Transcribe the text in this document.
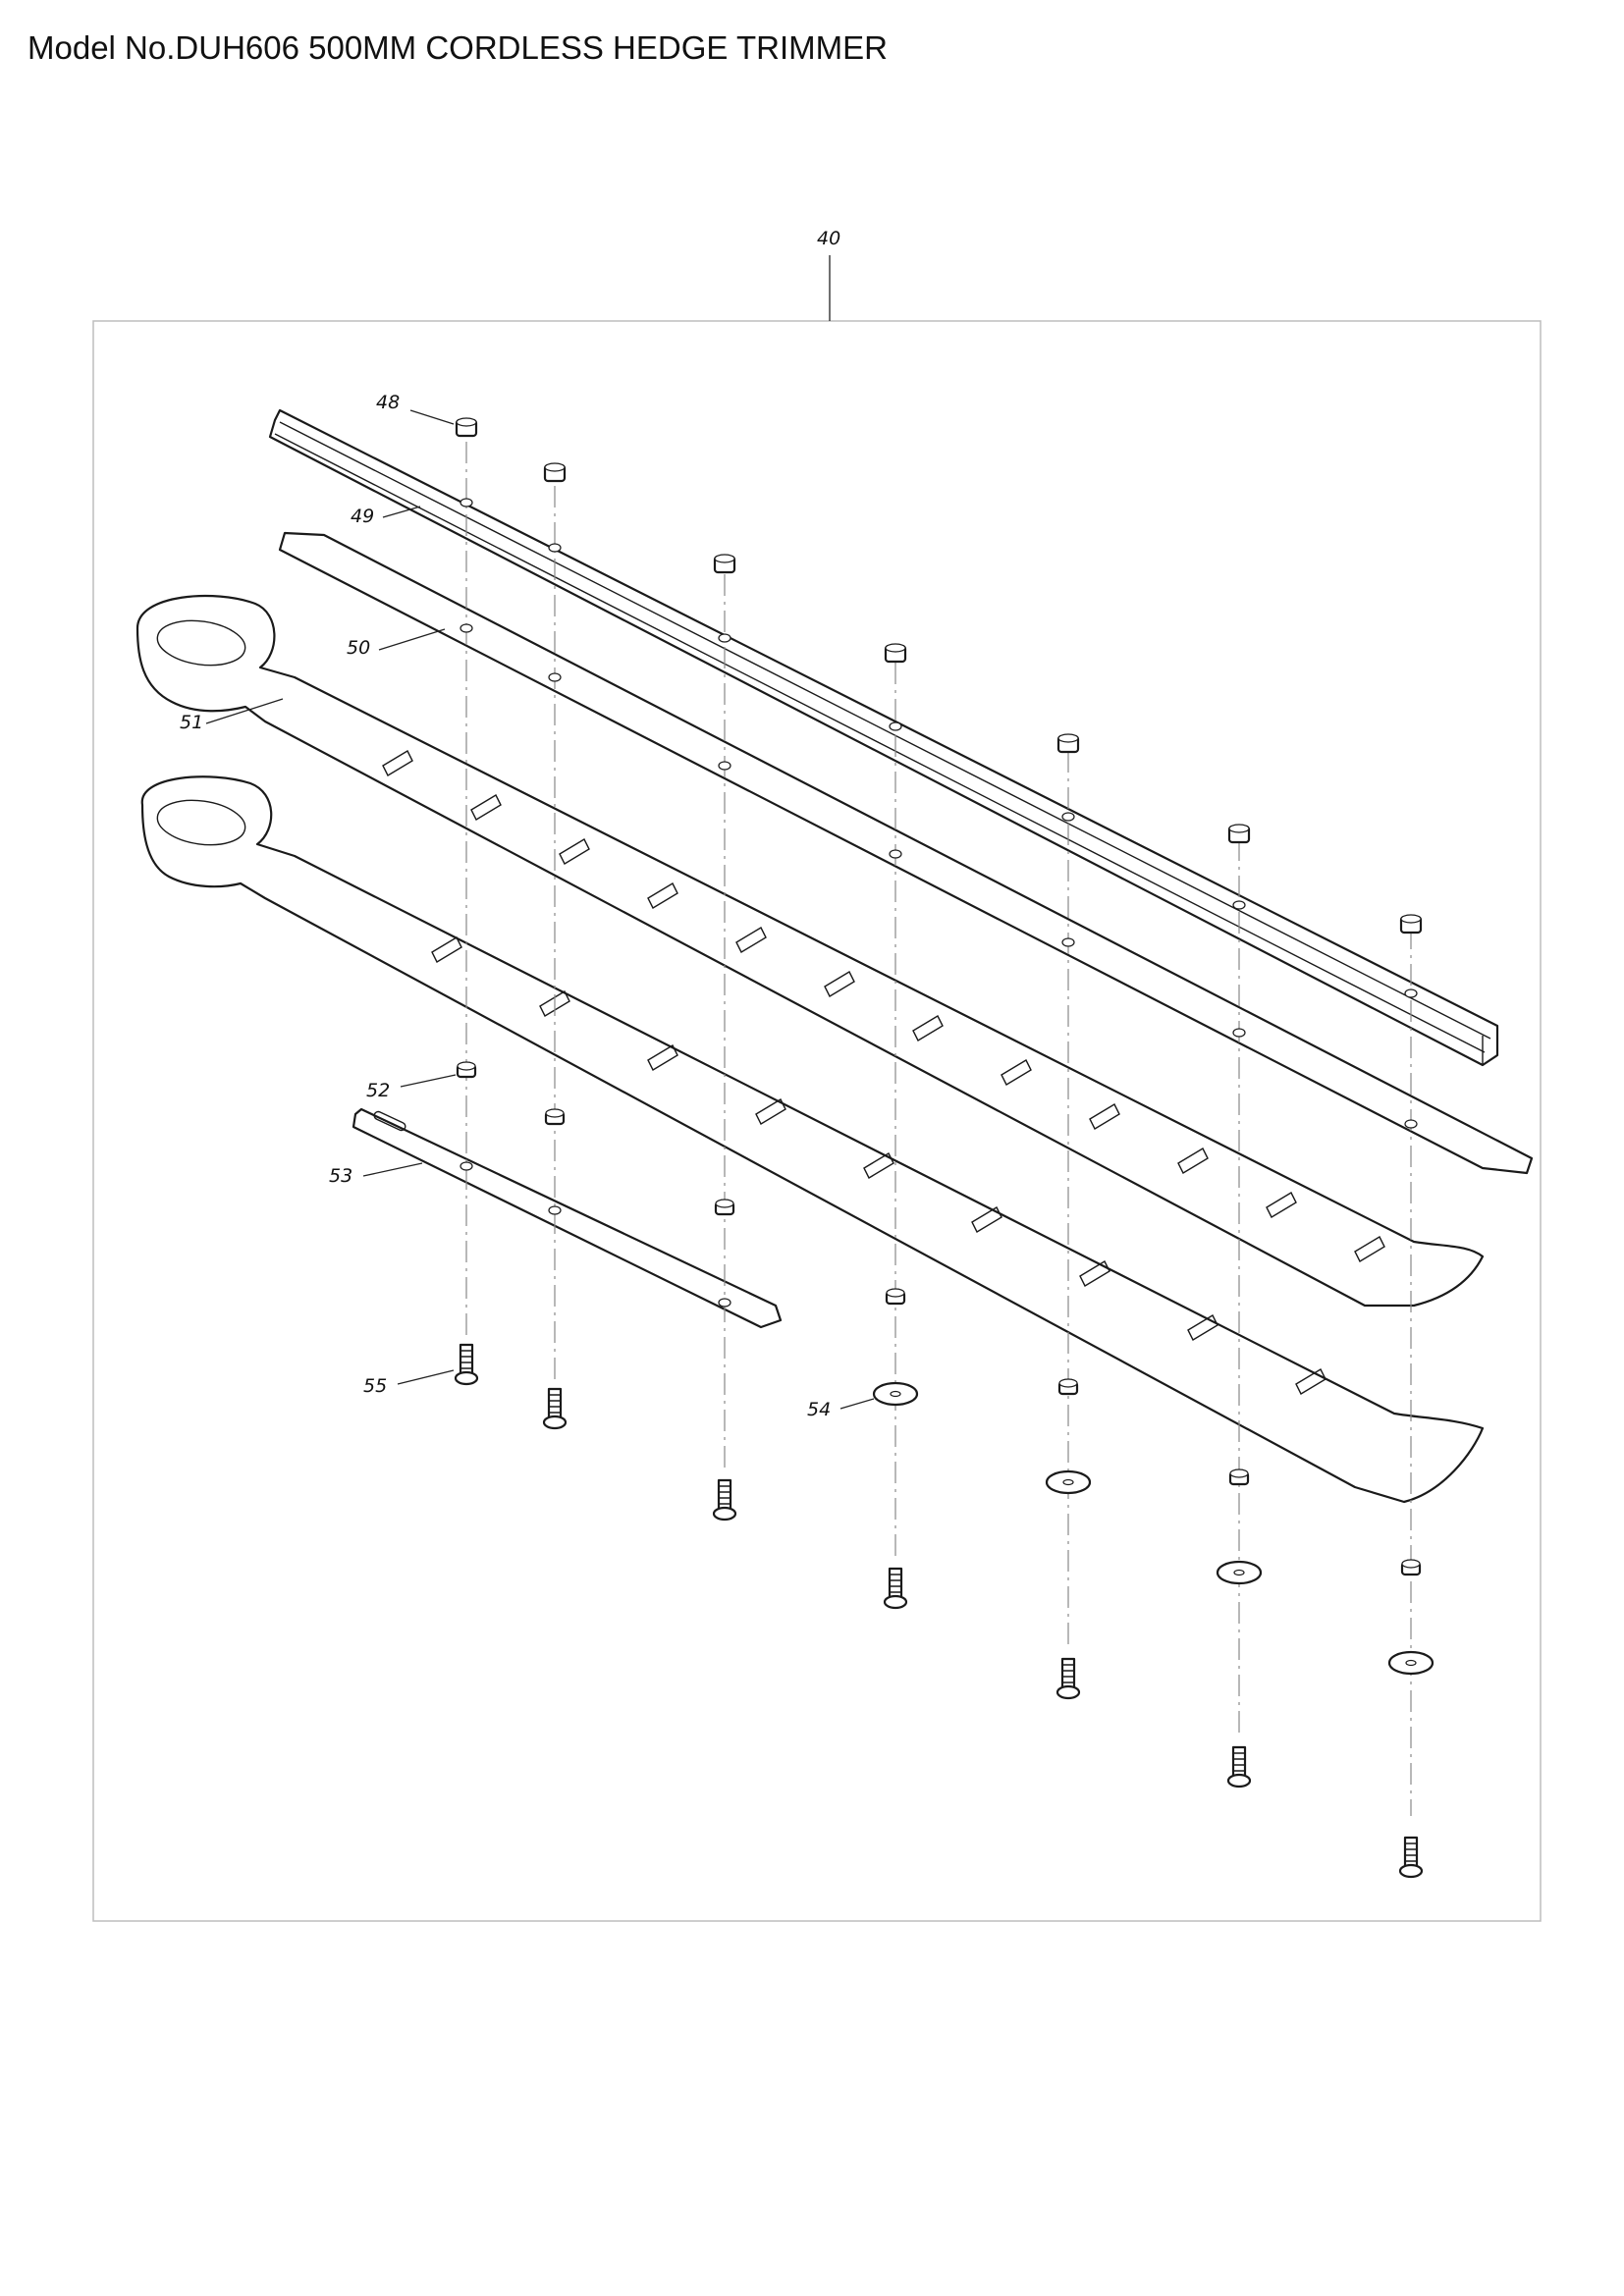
Model No.DUH606 500MM CORDLESS HEDGE TRIMMER
40
48
49
50
51
52
53
54
55
